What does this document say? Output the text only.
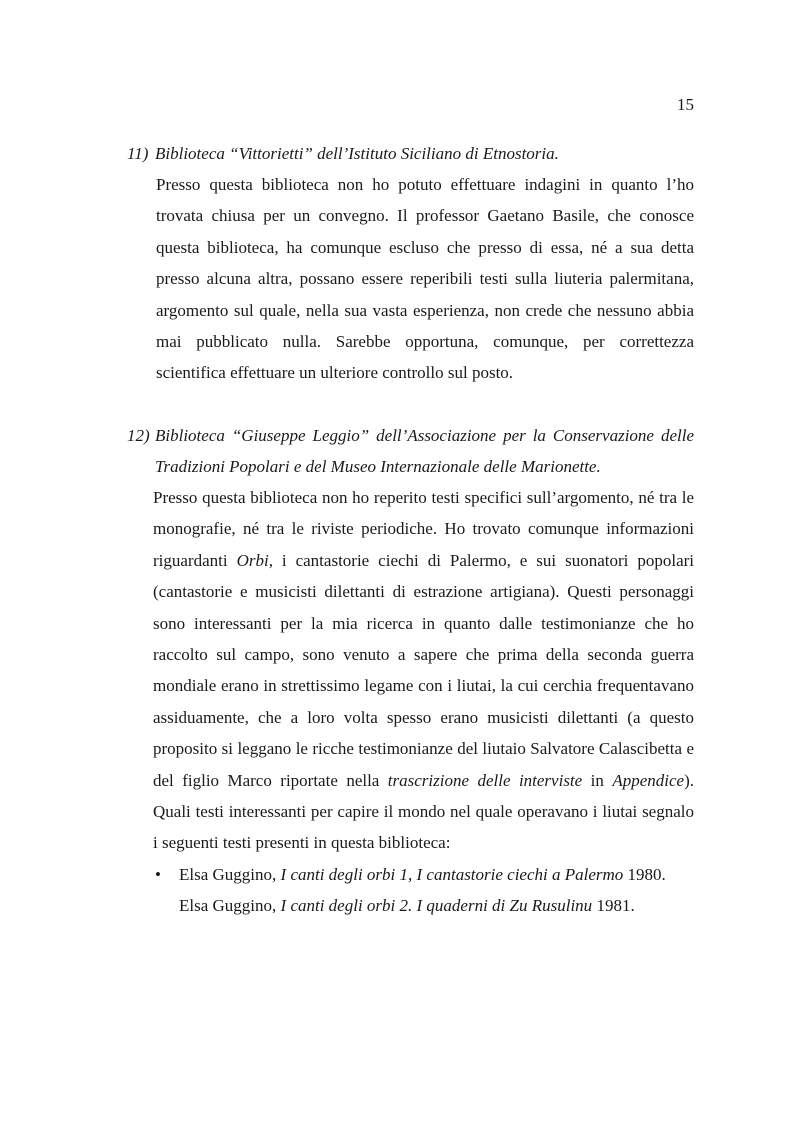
15
11) Biblioteca “Vittorietti” dell’Istituto Siciliano di Etnostoria.

Presso questa biblioteca non ho potuto effettuare indagini in quanto l’ho trovata chiusa per un convegno. Il professor Gaetano Basile, che conosce questa biblioteca, ha comunque escluso che presso di essa, né a sua detta presso alcuna altra, possano essere reperibili testi sulla liuteria palermitana, argomento sul quale, nella sua vasta esperienza, non crede che nessuno abbia mai pubblicato nulla. Sarebbe opportuna, comunque, per correttezza scientifica effettuare un ulteriore controllo sul posto.

12) Biblioteca “Giuseppe Leggio” dell’Associazione per la Conservazione delle Tradizioni Popolari e del Museo Internazionale delle Marionette.

Presso questa biblioteca non ho reperito testi specifici sull’argomento, né tra le monografie, né tra le riviste periodiche. Ho trovato comunque informazioni riguardanti Orbi, i cantastorie ciechi di Palermo, e sui suonatori popolari (cantastorie e musicisti dilettanti di estrazione artigiana). Questi personaggi sono interessanti per la mia ricerca in quanto dalle testimonianze che ho raccolto sul campo, sono venuto a sapere che prima della seconda guerra mondiale erano in strettissimo legame con i liutai, la cui cerchia frequentavano assiduamente, che a loro volta spesso erano musicisti dilettanti (a questo proposito si leggano le ricche testimonianze del liutaio Salvatore Calascibetta e del figlio Marco riportate nella trascrizione delle interviste in Appendice). Quali testi interessanti per capire il mondo nel quale operavano i liutai segnalo i seguenti testi presenti in questa biblioteca:

• Elsa Guggino, I canti degli orbi 1, I cantastorie ciechi a Palermo 1980.
Elsa Guggino, I canti degli orbi 2. I quaderni di Zu Rusulinu 1981.
